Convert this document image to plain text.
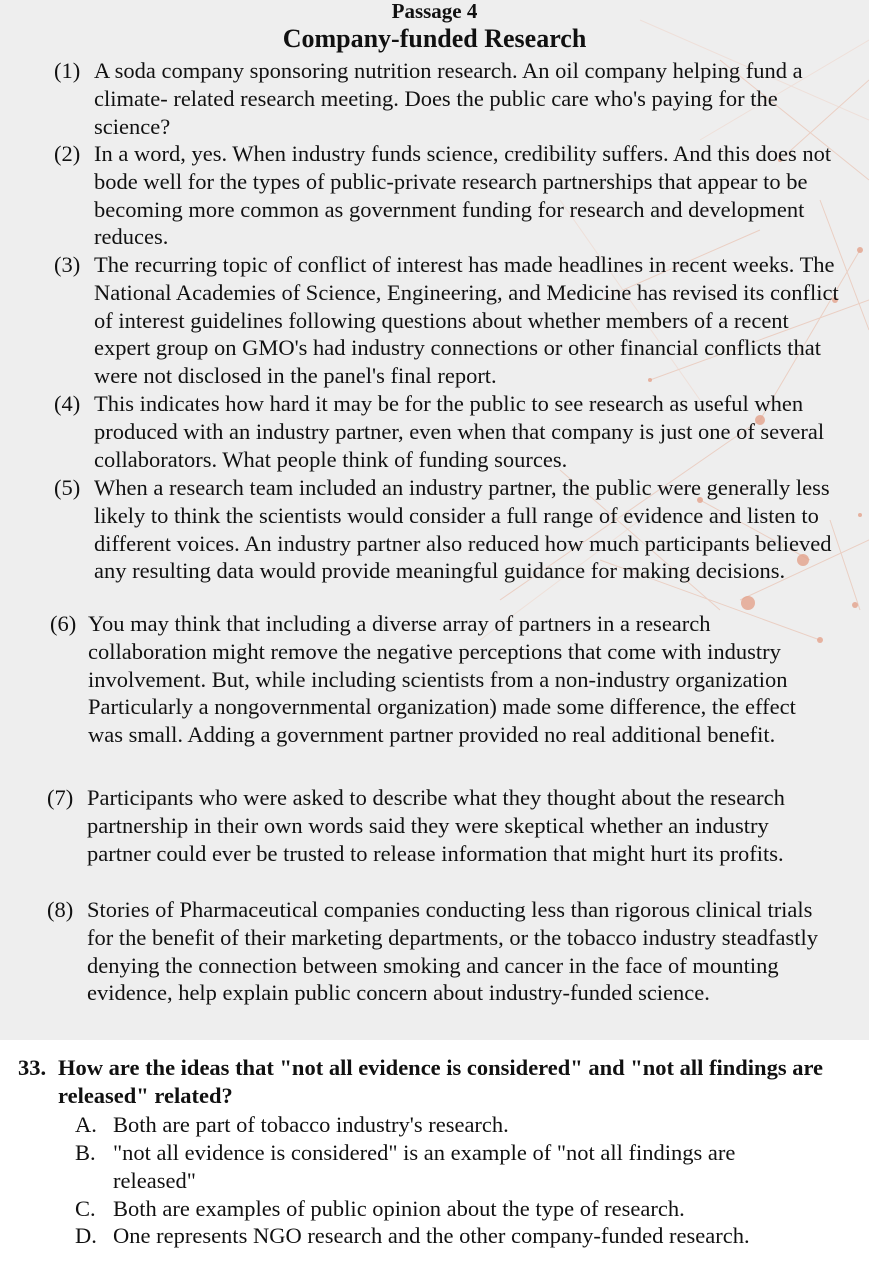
Passage 4
Company-funded Research
(1) A soda company sponsoring nutrition research. An oil company helping fund a climate- related research meeting. Does the public care who's paying for the science?
(2) In a word, yes. When industry funds science, credibility suffers. And this does not bode well for the types of public-private research partnerships that appear to be becoming more common as government funding for research and development reduces.
(3) The recurring topic of conflict of interest has made headlines in recent weeks. The National Academies of Science, Engineering, and Medicine has revised its conflict of interest guidelines following questions about whether members of a recent expert group on GMO's had industry connections or other financial conflicts that were not disclosed in the panel's final report.
(4) This indicates how hard it may be for the public to see research as useful when produced with an industry partner, even when that company is just one of several collaborators. What people think of funding sources.
(5) When a research team included an industry partner, the public were generally less likely to think the scientists would consider a full range of evidence and listen to different voices. An industry partner also reduced how much participants believed any resulting data would provide meaningful guidance for making decisions.
(6) You may think that including a diverse array of partners in a research collaboration might remove the negative perceptions that come with industry involvement. But, while including scientists from a non-industry organization Particularly a nongovernmental organization) made some difference, the effect was small. Adding a government partner provided no real additional benefit.
(7) Participants who were asked to describe what they thought about the research partnership in their own words said they were skeptical whether an industry partner could ever be trusted to release information that might hurt its profits.
(8) Stories of Pharmaceutical companies conducting less than rigorous clinical trials for the benefit of their marketing departments, or the tobacco industry steadfastly denying the connection between smoking and cancer in the face of mounting evidence, help explain public concern about industry-funded science.
33. How are the ideas that "not all evidence is considered" and "not all findings are released" related?
A. Both are part of tobacco industry's research.
B. "not all evidence is considered" is an example of "not all findings are released"
C. Both are examples of public opinion about the type of research.
D. One represents NGO research and the other company-funded research.
